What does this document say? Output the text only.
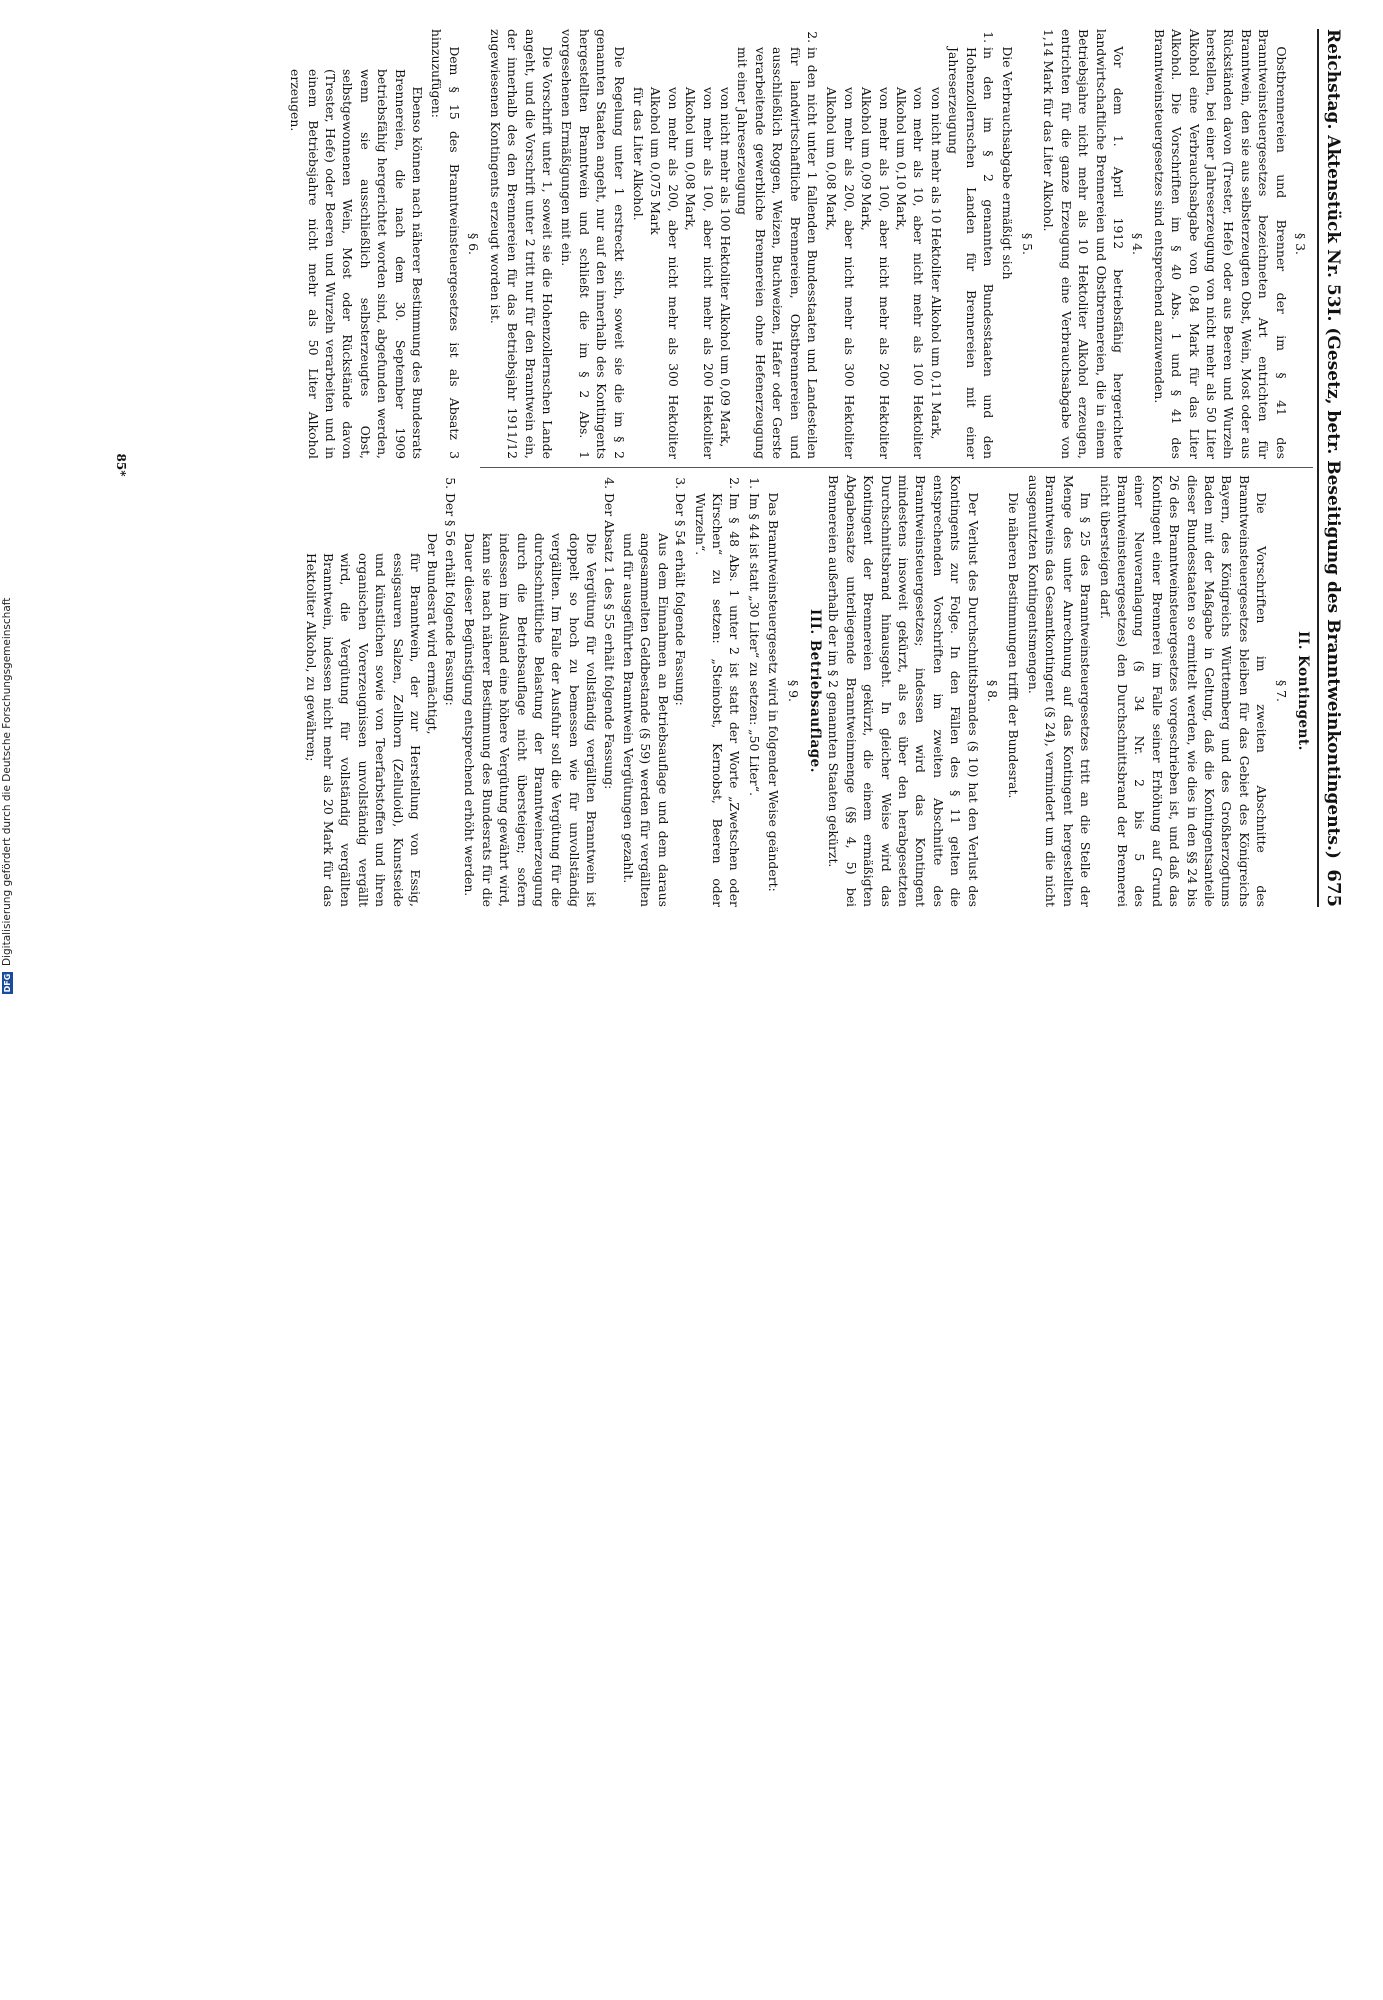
DFG
Digitalisierung gefördert durch die Deutsche Forschungsgemeinschaft	Reichstag. Aktenstück Nr. 53I. (Gesetz, betr. Beseitigung des Branntweinkontingents.)
675
§ 3.

Obstbrennereien und Brenner der im § 41 des Branntweinsteuergesetzes bezeichneten Art entrichten für Branntwein, den sie aus selbsterzeugten Obst, Wein, Most oder aus Rückständen davon (Trester, Hefe) oder aus Beeren und Wurzeln herstellen, bei einer Jahreserzeugung von nicht mehr als 50 Liter Alkohol eine Verbrauchsabgabe von 0,84 Mark für das Liter Alkohol. Die Vorschriften im § 40 Abs. 1 und § 41 des Branntweinsteuergesetzes sind entsprechend anzuwenden.

§ 4.

Vor dem 1. April 1912 betriebsfähig hergerichtete landwirtschaftliche Brennereien und Obstbrennereien, die in einem Betriebsjahre nicht mehr als 10 Hektoliter Alkohol erzeugen, entrichten für die ganze Erzeugung eine Verbrauchsabgabe von 1,14 Mark für das Liter Alkohol.

§ 5.

Die Verbrauchsabgabe ermäßigt sich

1. in den im § 2 genannten Bundesstaaten und den Hohenzollernschen Landen für Brennereien mit einer Jahreserzeugung
von nicht mehr als 10 Hektoliter Alkohol um 0,11 Mark,
von mehr als 10, aber nicht mehr als 100 Hektoliter Alkohol um 0,10 Mark,
von mehr als 100, aber nicht mehr als 200 Hektoliter Alkohol um 0,09 Mark,
von mehr als 200, aber nicht mehr als 300 Hektoliter Alkohol um 0,08 Mark,
2. in den nicht unter 1 fallenden Bundesstaaten und Landesteilen für landwirtschaftliche Brennereien, Obstbrennereien und ausschließlich Roggen, Weizen, Buchweizen, Hafer oder Gerste verarbeitende gewerbliche Brennereien ohne Hefenerzeugung mit einer Jahreserzeugung
von nicht mehr als 100 Hektoliter Alkohol um 0,09 Mark,
von mehr als 100, aber nicht mehr als 200 Hektoliter Alkohol um 0,08 Mark,
von mehr als 200, aber nicht mehr als 300 Hektoliter Alkohol um 0,075 Mark
für das Liter Alkohol.

Die Regelung unter 1 erstreckt sich, soweit sie die im § 2 genannten Staaten angeht, nur auf den innerhalb des Kontingents hergestellten Branntwein und schließt die im § 2 Abs. 1 vorgesehenen Ermäßigungen mit ein.

Die Vorschrift unter 1, soweit sie die Hohenzollernschen Lande angeht, und die Vorschrift unter 2 tritt nur für den Branntwein ein, der innerhalb des den Brennereien für das Betriebsjahr 1911/12 zugewiesenen Kontingents erzeugt worden ist.

§ 6.

Dem § 15 des Branntweinsteuergesetzes ist als Absatz 3 hinzuzufügen:

Ebenso können nach näherer Bestimmung des Bundesrats Brennereien, die nach dem 30. September 1909 betriebsfähig hergerichtet worden sind, abgefunden werden, wenn sie ausschließlich selbsterzeugtes Obst, selbstgewonnenen Wein, Most oder Rückstände davon (Trester, Hefe) oder Beeren und Wurzeln verarbeiten und in einem Betriebsjahre nicht mehr als 50 Liter Alkohol erzeugen.

II. Kontingent.
§ 7.

Die Vorschriften im zweiten Abschnitte des Branntweinsteuergesetzes bleiben für das Gebiet des Königreichs Bayern, des Königreichs Württemberg und des Großherzogtums Baden mit der Maßgabe in Geltung, daß die Kontingentsanteile dieser Bundesstaaten so ermittelt werden, wie dies in den §§ 24 bis 26 des Branntweinsteuergesetzes vorgeschrieben ist, und daß das Kontingent einer Brennerei im Falle seiner Erhöhung auf Grund einer Neuveranlagung (§ 34 Nr. 2 bis 5 des Branntweinsteuergesetzes) den Durchschnittsbrand der Brennerei nicht übersteigen darf.

Im § 25 des Branntweinsteuergesetzes tritt an die Stelle der Menge des unter Anrechnung auf das Kontingent hergestellten Branntweins das Gesamtkontingent (§ 24), vermindert um die nicht ausgenutzten Kontingentsmengen.

Die näheren Bestimmungen trifft der Bundesrat.

§ 8.

Der Verlust des Durchschnittsbrandes (§ 10) hat den Verlust des Kontingents zur Folge. In den Fällen des § 11 gelten die entsprechenden Vorschriften im zweiten Abschnitte des Branntweinsteuergesetzes; indessen wird das Kontingent mindestens insoweit gekürzt, als es über den herabgesetzten Durchschnittsbrand hinausgeht. In gleicher Weise wird das Kontingent der Brennereien gekürzt, die einem ermäßigten Abgabensatze unterliegende Branntweinmenge (§§ 4, 5) bei Brennereien außerhalb der im § 2 genannten Staaten gekürzt.

III. Betriebsauflage.
§ 9.

Das Branntweinsteuergesetz wird in folgender Weise geändert:

1. Im § 44 ist statt „30 Liter“ zu setzen: „50 Liter“.
2. Im § 48 Abs. 1 unter 2 ist statt der Worte „Zwetschen oder Kirschen“ zu setzen: „Steinobst, Kernobst, Beeren oder Wurzeln“.
3. Der § 54 erhält folgende Fassung:
Aus dem Einnahmen an Betriebsauflage und dem daraus angesammelten Geldbestande (§ 59) werden für vergällten und für ausgeführten Branntwein Vergütungen gezahlt.
4. Der Absatz 1 des § 55 erhält folgende Fassung:
Die Vergütung für vollständig vergällten Branntwein ist doppelt so hoch zu bemessen wie für unvollständig vergällten. Im Falle der Ausfuhr soll die Vergütung für die durchschnittliche Belastung der Branntweinerzeugung durch die Betriebsauflage nicht übersteigen; sofern indessen im Ausland eine höhere Vergütung gewährt wird, kann sie nach näherer Bestimmung des Bundesrats für die Dauer dieser Begünstigung entsprechend erhöht werden.
5. Der § 56 erhält folgende Fassung:
Der Bundesrat wird ermächtigt,
für Branntwein, der zur Herstellung von Essig, essigsauren Salzen, Zellhorn (Zelluloid), Kunstseide und künstlichen sowie von Teerfarbstoffen und ihren organischen Vorerzeugnissen unvollständig vergällt wird, die Vergütung für vollständig vergällten Branntwein, indessen nicht mehr als 20 Mark für das Hektoliter Alkohol, zu gewähren;
85*
